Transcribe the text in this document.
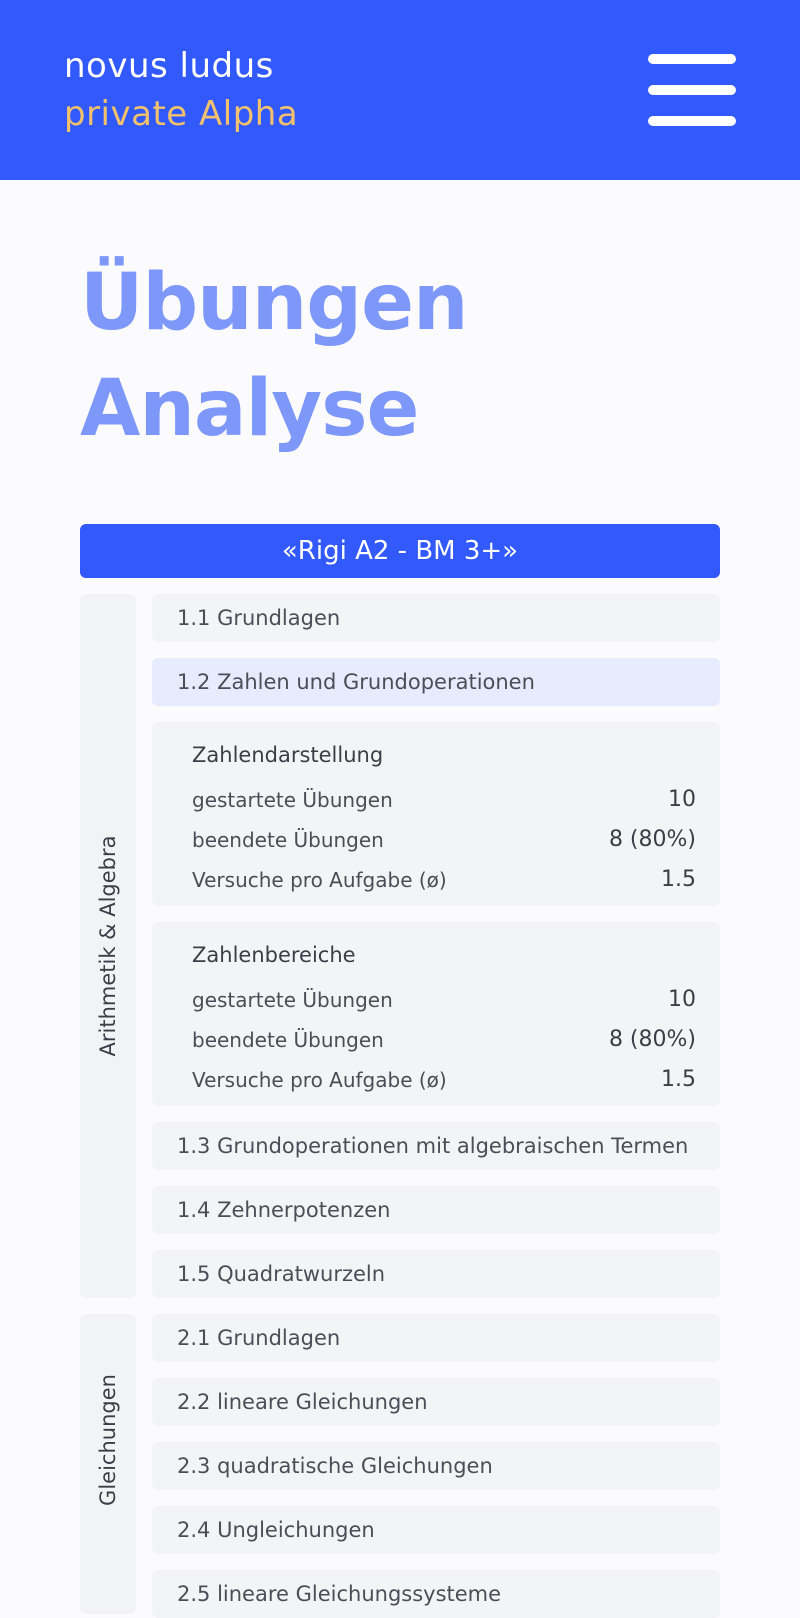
novus ludus
private Alpha
Übungen
Analyse
«Rigi A2 - BM 3+»
Arithmetik & Algebra
1.1 Grundlagen
1.2 Zahlen und Grundoperationen
Zahlendarstellung
gestartete Übungen	10
beendete Übungen	8 (80%)
Versuche pro Aufgabe (ø)	1.5
Zahlenbereiche
gestartete Übungen	10
beendete Übungen	8 (80%)
Versuche pro Aufgabe (ø)	1.5
1.3 Grundoperationen mit algebraischen Termen
1.4 Zehnerpotenzen
1.5 Quadratwurzeln
Gleichungen
2.1 Grundlagen
2.2 lineare Gleichungen
2.3 quadratische Gleichungen
2.4 Ungleichungen
2.5 lineare Gleichungssysteme
